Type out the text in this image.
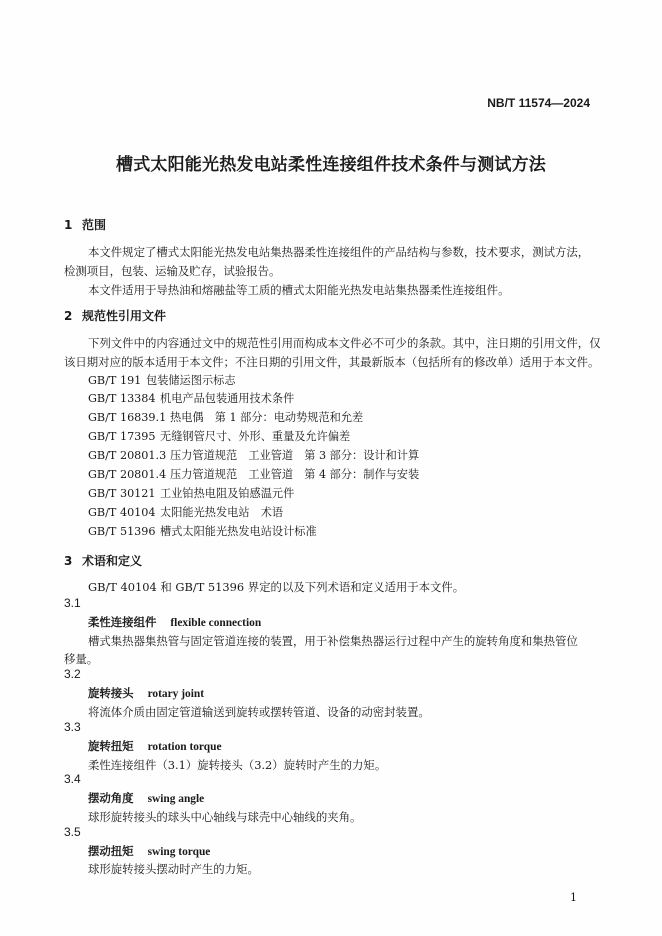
NB/T 11574—2024
槽式太阳能光热发电站柔性连接组件技术条件与测试方法
1 范围
本文件规定了槽式太阳能光热发电站集热器柔性连接组件的产品结构与参数，技术要求，测试方法，
检测项目，包装、运输及贮存，试验报告。
本文件适用于导热油和熔融盐等工质的槽式太阳能光热发电站集热器柔性连接组件。
2 规范性引用文件
下列文件中的内容通过文中的规范性引用而构成本文件必不可少的条款。其中，注日期的引用文件，仅
该日期对应的版本适用于本文件；不注日期的引用文件，其最新版本（包括所有的修改单）适用于本文件。
GB/T 191 包装储运图示标志
GB/T 13384 机电产品包装通用技术条件
GB/T 16839.1 热电偶　第 1 部分：电动势规范和允差
GB/T 17395 无缝钢管尺寸、外形、重量及允许偏差
GB/T 20801.3 压力管道规范　工业管道　第 3 部分：设计和计算
GB/T 20801.4 压力管道规范　工业管道　第 4 部分：制作与安装
GB/T 30121 工业铂热电阻及铂感温元件
GB/T 40104 太阳能光热发电站　术语
GB/T 51396 槽式太阳能光热发电站设计标准
3 术语和定义
GB/T 40104 和 GB/T 51396 界定的以及下列术语和定义适用于本文件。
3.1
柔性连接组件 flexible connection
槽式集热器集热管与固定管道连接的装置，用于补偿集热器运行过程中产生的旋转角度和集热管位
移量。
3.2
旋转接头 rotary joint
将流体介质由固定管道输送到旋转或摆转管道、设备的动密封装置。
3.3
旋转扭矩 rotation torque
柔性连接组件（3.1）旋转接头（3.2）旋转时产生的力矩。
3.4
摆动角度 swing angle
球形旋转接头的球头中心轴线与球壳中心轴线的夹角。
3.5
摆动扭矩 swing torque
球形旋转接头摆动时产生的力矩。
1
